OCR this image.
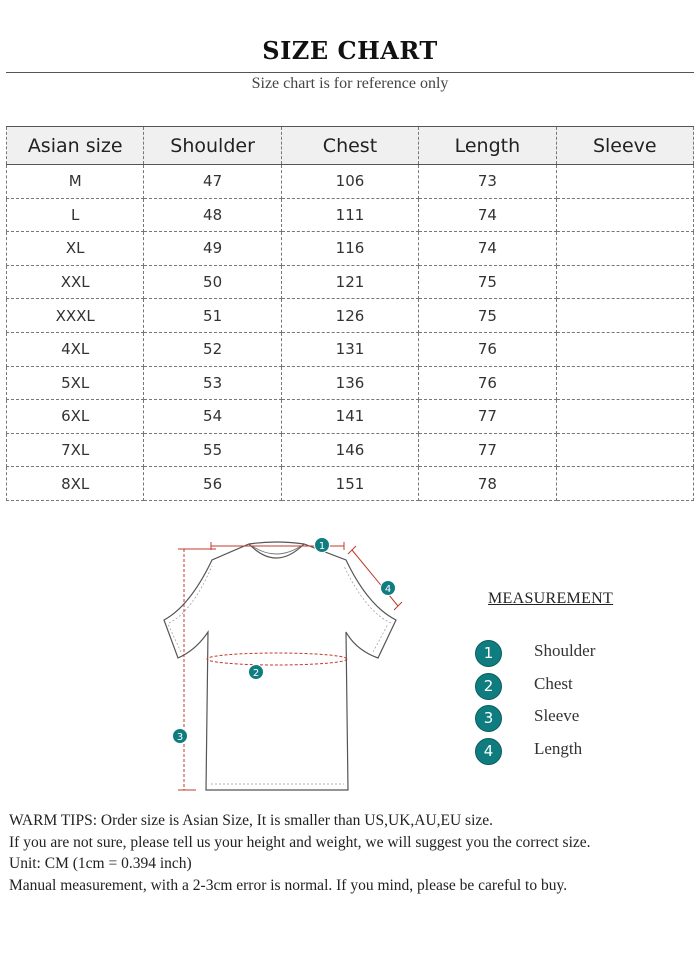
SIZE CHART
Size chart is for reference only
Asian size	Shoulder	Chest	Length	Sleeve
M	47	106	73	
L	48	111	74	
XL	49	116	74	
XXL	50	121	75	
XXXL	51	126	75	
4XL	52	131	76	
5XL	53	136	76	
6XL	54	141	77	
7XL	55	146	77	
8XL	56	151	78	
1
2
3
4
MEASUREMENT
1	Shoulder
2	Chest
3	Sleeve
4	Length

WARM TIPS: Order size is Asian Size, It is smaller than US,UK,AU,EU size.

If you are not sure, please tell us your height and weight, we will suggest you the correct size.

Unit: CM (1cm = 0.394 inch)

Manual measurement, with a 2-3cm error is normal. If you mind, please be careful to buy.
